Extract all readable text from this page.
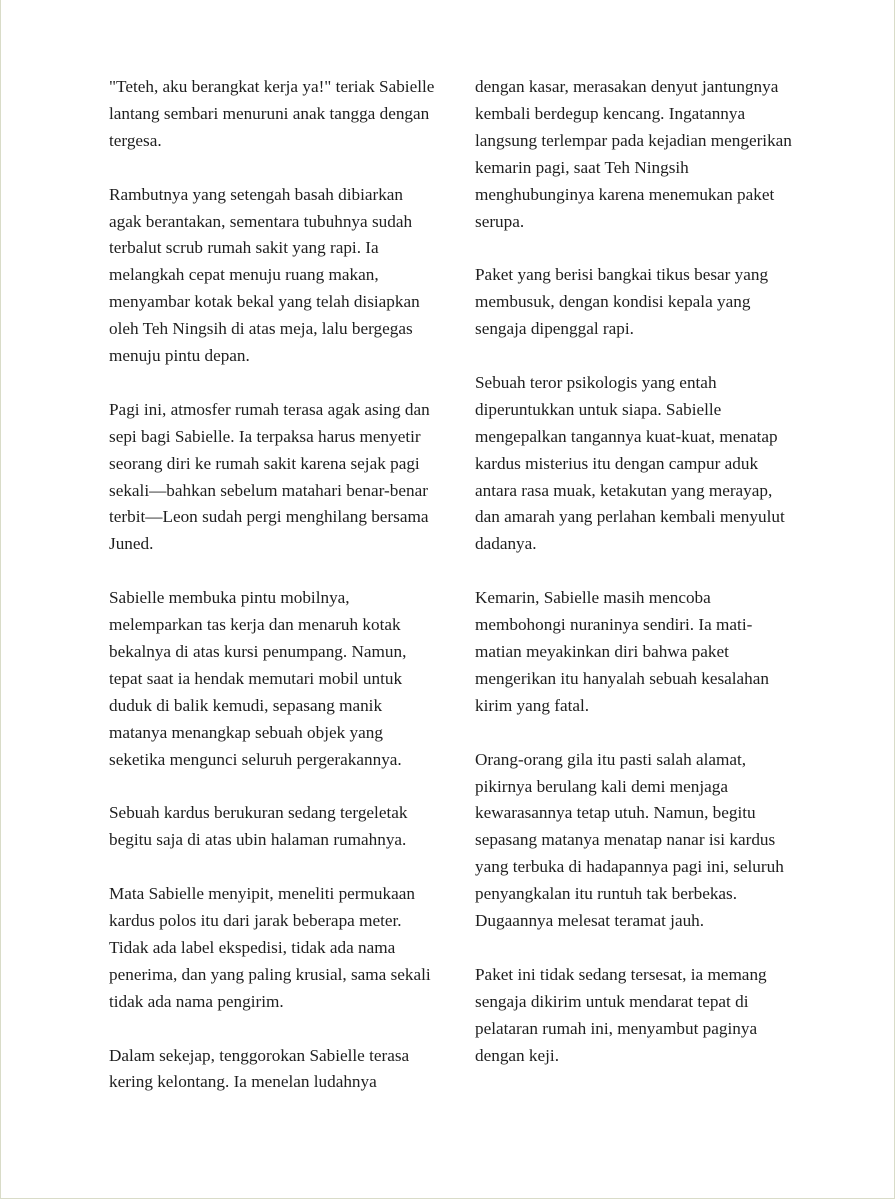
"Teteh, aku berangkat kerja ya!" teriak Sabielle lantang sembari menuruni anak tangga dengan tergesa.

Rambutnya yang setengah basah dibiarkan agak berantakan, sementara tubuhnya sudah terbalut scrub rumah sakit yang rapi. Ia melangkah cepat menuju ruang makan, menyambar kotak bekal yang telah disiapkan oleh Teh Ningsih di atas meja, lalu bergegas menuju pintu depan.

Pagi ini, atmosfer rumah terasa agak asing dan sepi bagi Sabielle. Ia terpaksa harus menyetir seorang diri ke rumah sakit karena sejak pagi sekali—bahkan sebelum matahari benar-benar terbit—Leon sudah pergi menghilang bersama Juned.

Sabielle membuka pintu mobilnya, melemparkan tas kerja dan menaruh kotak bekalnya di atas kursi penumpang. Namun, tepat saat ia hendak memutari mobil untuk duduk di balik kemudi, sepasang manik matanya menangkap sebuah objek yang seketika mengunci seluruh pergerakannya.

Sebuah kardus berukuran sedang tergeletak begitu saja di atas ubin halaman rumahnya.

Mata Sabielle menyipit, meneliti permukaan kardus polos itu dari jarak beberapa meter. Tidak ada label ekspedisi, tidak ada nama penerima, dan yang paling krusial, sama sekali tidak ada nama pengirim.

Dalam sekejap, tenggorokan Sabielle terasa kering kelontang. Ia menelan ludahnya

dengan kasar, merasakan denyut jantungnya kembali berdegup kencang. Ingatannya langsung terlempar pada kejadian mengerikan kemarin pagi, saat Teh Ningsih menghubunginya karena menemukan paket serupa.

Paket yang berisi bangkai tikus besar yang membusuk, dengan kondisi kepala yang sengaja dipenggal rapi.

Sebuah teror psikologis yang entah diperuntukkan untuk siapa. Sabielle mengepalkan tangannya kuat-kuat, menatap kardus misterius itu dengan campur aduk antara rasa muak, ketakutan yang merayap, dan amarah yang perlahan kembali menyulut dadanya.

Kemarin, Sabielle masih mencoba membohongi nuraninya sendiri. Ia mati-matian meyakinkan diri bahwa paket mengerikan itu hanyalah sebuah kesalahan kirim yang fatal.

Orang-orang gila itu pasti salah alamat, pikirnya berulang kali demi menjaga kewarasannya tetap utuh. Namun, begitu sepasang matanya menatap nanar isi kardus yang terbuka di hadapannya pagi ini, seluruh penyangkalan itu runtuh tak berbekas. Dugaannya melesat teramat jauh.

Paket ini tidak sedang tersesat, ia memang sengaja dikirim untuk mendarat tepat di pelataran rumah ini, menyambut paginya dengan keji.
